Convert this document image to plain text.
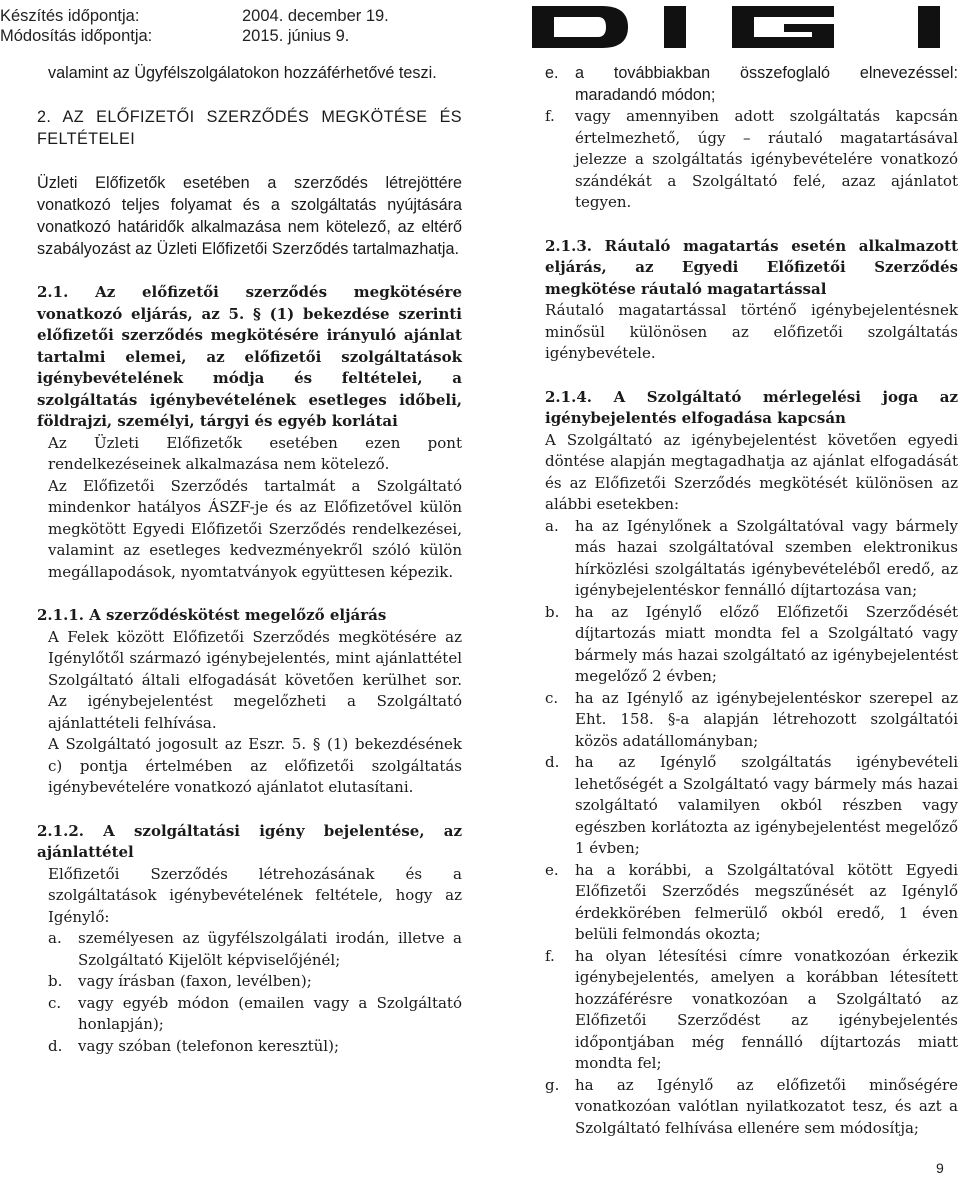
Készítés időpontja:	2004. december 19.
Módosítás időpontja:	2015. június 9.

valamint az Ügyfélszolgálatokon hozzáférhetővé teszi.

2. AZ ELŐFIZETŐI SZERZŐDÉS MEGKÖTÉSE ÉS FELTÉTELEI

Üzleti Előfizetők esetében a szerződés létrejöttére vonatkozó teljes folyamat és a szolgáltatás nyújtására vonatkozó határidők alkalmazása nem kötelező, az eltérő szabályozást az Üzleti Előfizetői Szerződés tartalmazhatja.

2.1. Az előfizetői szerződés megkötésére vonatkozó eljárás, az 5. § (1) bekezdése szerinti előfizetői szerződés megkötésére irányuló ajánlat tartalmi elemei, az előfizetői szolgáltatások igénybevételének módja és feltételei, a szolgáltatás igénybevételének esetleges időbeli, földrajzi, személyi, tárgyi és egyéb korlátai

Az Üzleti Előfizetők esetében ezen pont rendelkezéseinek alkalmazása nem kötelező.

Az Előfizetői Szerződés tartalmát a Szolgáltató mindenkor hatályos ÁSZF-je és az Előfizetővel külön megkötött Egyedi Előfizetői Szerződés rendelkezései, valamint az esetleges kedvezményekről szóló külön megállapodások, nyomtatványok együttesen képezik.

2.1.1. A szerződéskötést megelőző eljárás

A Felek között Előfizetői Szerződés megkötésére az Igénylőtől származó igénybejelentés, mint ajánlattétel Szolgáltató általi elfogadását követően kerülhet sor. Az igénybejelentést megelőzheti a Szolgáltató ajánlattételi felhívása.

A Szolgáltató jogosult az Eszr. 5. § (1) bekezdésének c) pontja értelmében az előfizetői szolgáltatás igénybevételére vonatkozó ajánlatot elutasítani.

2.1.2. A szolgáltatási igény bejelentése, az ajánlattétel

Előfizetői Szerződés létrehozásának és a szolgáltatások igénybevételének feltétele, hogy az Igénylő:

a.	személyesen az ügyfélszolgálati irodán, illetve a Szolgáltató Kijelölt képviselőjénél;
b.	vagy írásban (faxon, levélben);
c.	vagy egyéb módon (emailen vagy a Szolgáltató honlapján);
d.	vagy szóban (telefonon keresztül);
e.	a továbbiakban összefoglaló elnevezéssel: maradandó módon;
f.	vagy amennyiben adott szolgáltatás kapcsán értelmezhető, úgy – ráutaló magatartásával jelezze a szolgáltatás igénybevételére vonatkozó szándékát a Szolgáltató felé, azaz ajánlatot tegyen.

2.1.3. Ráutaló magatartás esetén alkalmazott eljárás, az Egyedi Előfizetői Szerződés megkötése ráutaló magatartással

Ráutaló magatartással történő igénybejelentésnek minősül különösen az előfizetői szolgáltatás igénybevétele.

2.1.4. A Szolgáltató mérlegelési joga az igénybejelentés elfogadása kapcsán

A Szolgáltató az igénybejelentést követően egyedi döntése alapján megtagadhatja az ajánlat elfogadását és az Előfizetői Szerződés megkötését különösen az alábbi esetekben:

a.	ha az Igénylőnek a Szolgáltatóval vagy bármely más hazai szolgáltatóval szemben elektronikus hírközlési szolgáltatás igénybevételéből eredő, az igénybejelentéskor fennálló díjtartozása van;
b.	ha az Igénylő előző Előfizetői Szerződését díjtartozás miatt mondta fel a Szolgáltató vagy bármely más hazai szolgáltató az igénybejelentést megelőző 2 évben;
c.	ha az Igénylő az igénybejelentéskor szerepel az Eht. 158. §-a alapján létrehozott szolgáltatói közös adatállományban;
d.	ha az Igénylő szolgáltatás igénybevételi lehetőségét a Szolgáltató vagy bármely más hazai szolgáltató valamilyen okból részben vagy egészben korlátozta az igénybejelentést megelőző 1 évben;
e.	ha a korábbi, a Szolgáltatóval kötött Egyedi Előfizetői Szerződés megszűnését az Igénylő érdekkörében felmerülő okból eredő, 1 éven belüli felmondás okozta;
f.	ha olyan létesítési címre vonatkozóan érkezik igénybejelentés, amelyen a korábban létesített hozzáférésre vonatkozóan a Szolgáltató az Előfizetői Szerződést az igénybejelentés időpontjában még fennálló díjtartozás miatt mondta fel;
g.	ha az Igénylő az előfizetői minőségére vonatkozóan valótlan nyilatkozatot tesz, és azt a Szolgáltató felhívása ellenére sem módosítja;
9
